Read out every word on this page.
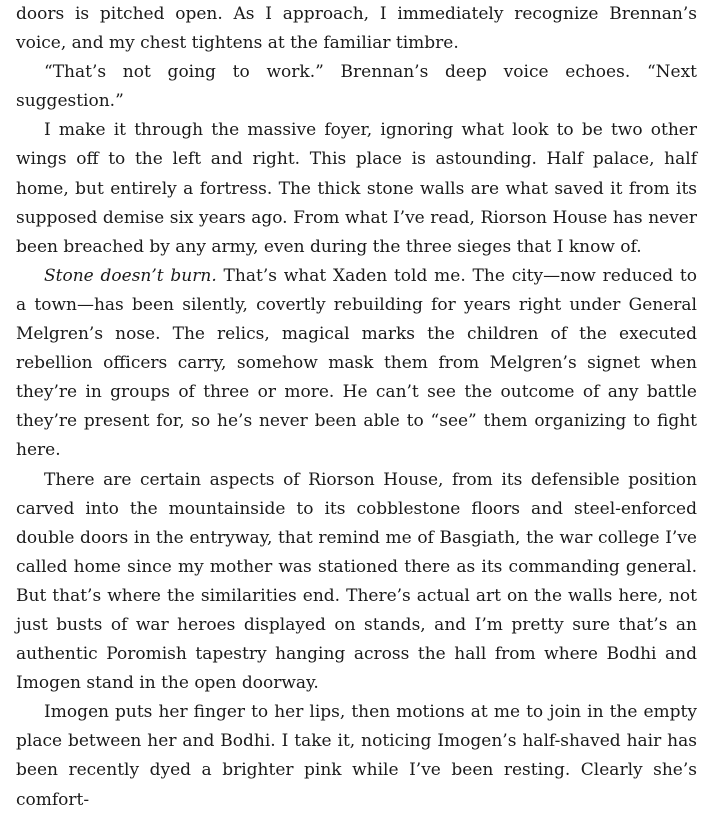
doors is pitched open. As I approach, I immediately recognize Brennan’s voice, and my chest tightens at the familiar timbre.

“That’s not going to work.” Brennan’s deep voice echoes. “Next suggestion.”

I make it through the massive foyer, ignoring what look to be two other wings off to the left and right. This place is astounding. Half palace, half home, but entirely a fortress. The thick stone walls are what saved it from its supposed demise six years ago. From what I’ve read, Riorson House has never been breached by any army, even during the three sieges that I know of.

Stone doesn’t burn. That’s what Xaden told me. The city—now reduced to a town—has been silently, covertly rebuilding for years right under General Melgren’s nose. The relics, magical marks the children of the executed rebellion officers carry, somehow mask them from Melgren’s signet when they’re in groups of three or more. He can’t see the outcome of any battle they’re present for, so he’s never been able to “see” them organizing to fight here.

There are certain aspects of Riorson House, from its defensible position carved into the mountainside to its cobblestone floors and steel-enforced double doors in the entryway, that remind me of Basgiath, the war college I’ve called home since my mother was stationed there as its commanding general. But that’s where the similarities end. There’s actual art on the walls here, not just busts of war heroes displayed on stands, and I’m pretty sure that’s an authentic Poromish tapestry hanging across the hall from where Bodhi and Imogen stand in the open doorway.

Imogen puts her finger to her lips, then motions at me to join in the empty place between her and Bodhi. I take it, noticing Imogen’s half-shaved hair has been recently dyed a brighter pink while I’ve been resting. Clearly she’s comfort-
